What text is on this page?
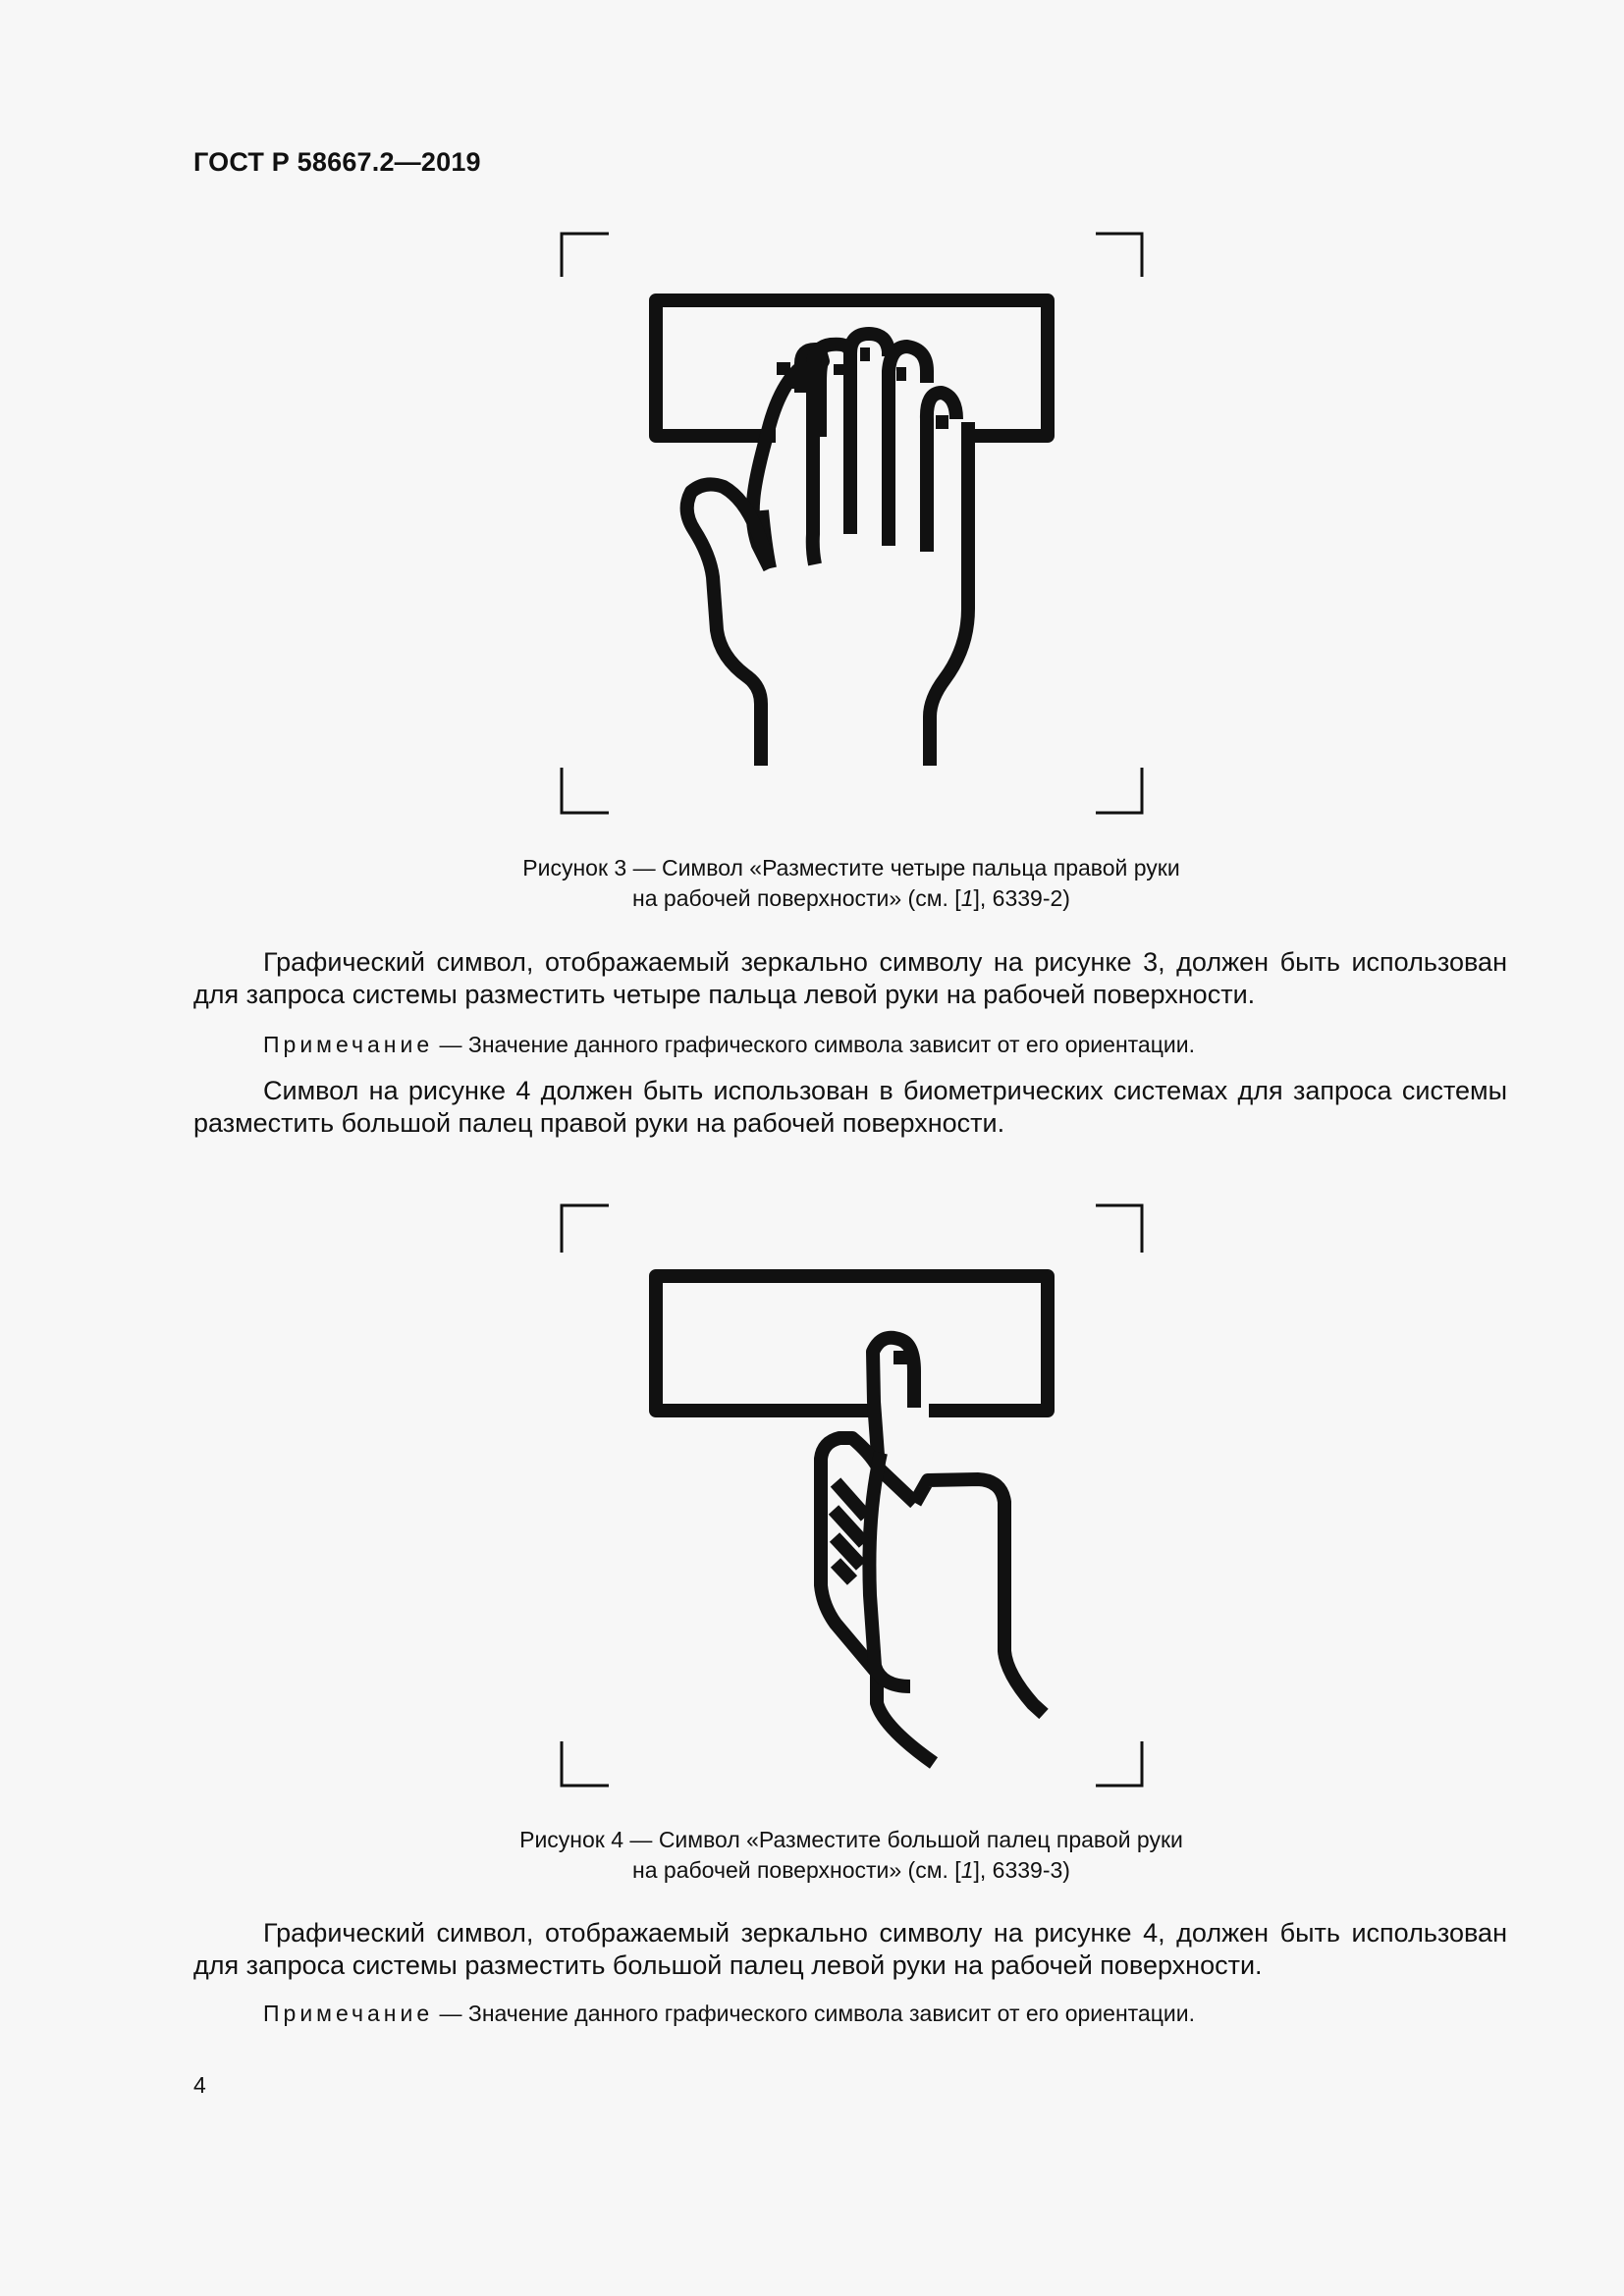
ГОСТ Р 58667.2—2019
Рисунок 3 — Символ «Разместите четыре пальца правой руки
на рабочей поверхности» (см. [1], 6339-2)
Графический символ, отображаемый зеркально символу на рисунке 3, должен быть использован для запроса системы разместить четыре пальца левой руки на рабочей поверхности.
Примечание — Значение данного графического символа зависит от его ориентации.
Символ на рисунке 4 должен быть использован в биометрических системах для запроса системы разместить большой палец правой руки на рабочей поверхности.
Рисунок 4 — Символ «Разместите большой палец правой руки
на рабочей поверхности» (см. [1], 6339-3)
Графический символ, отображаемый зеркально символу на рисунке 4, должен быть использован для запроса системы разместить большой палец левой руки на рабочей поверхности.
Примечание — Значение данного графического символа зависит от его ориентации.
4
